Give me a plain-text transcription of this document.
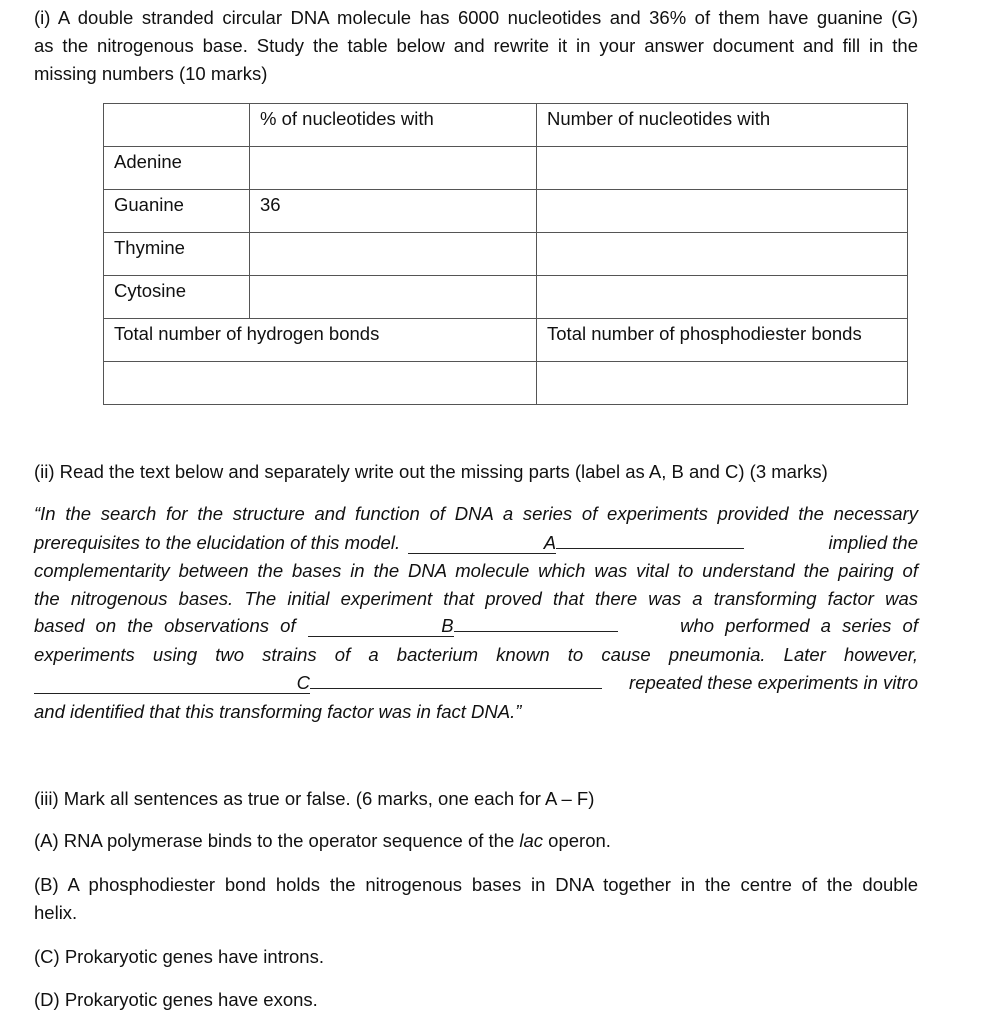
(i) A double stranded circular DNA molecule has 6000 nucleotides and 36% of them have guanine (G)

as the nitrogenous base. Study the table below and rewrite it in your answer document and fill in the

missing numbers (10 marks)

	% of nucleotides with	Number of nucleotides with
Adenine		
Guanine	36	
Thymine		
Cytosine		
Total number of hydrogen bonds		Total number of phosphodiester bonds

(ii) Read the text below and separately write out the missing parts (label as A, B and C) (3 marks)

“In the search for the structure and function of DNA a series of experiments provided the necessary

prerequisites to the elucidation of this model.	A	implied the

complementarity between the bases in the DNA molecule which was vital to understand the pairing of

the nitrogenous bases. The initial experiment that proved that there was a transforming factor was

based on the observations of	B	who performed a series of

experiments using two strains of a bacterium known to cause pneumonia. Later however,

C	repeated these experiments in vitro

and identified that this transforming factor was in fact DNA.”

(iii) Mark all sentences as true or false. (6 marks, one each for A – F)

(A) RNA polymerase binds to the operator sequence of the lac operon.

(B) A phosphodiester bond holds the nitrogenous bases in DNA together in the centre of the double

helix.

(C) Prokaryotic genes have introns.

(D) Prokaryotic genes have exons.
